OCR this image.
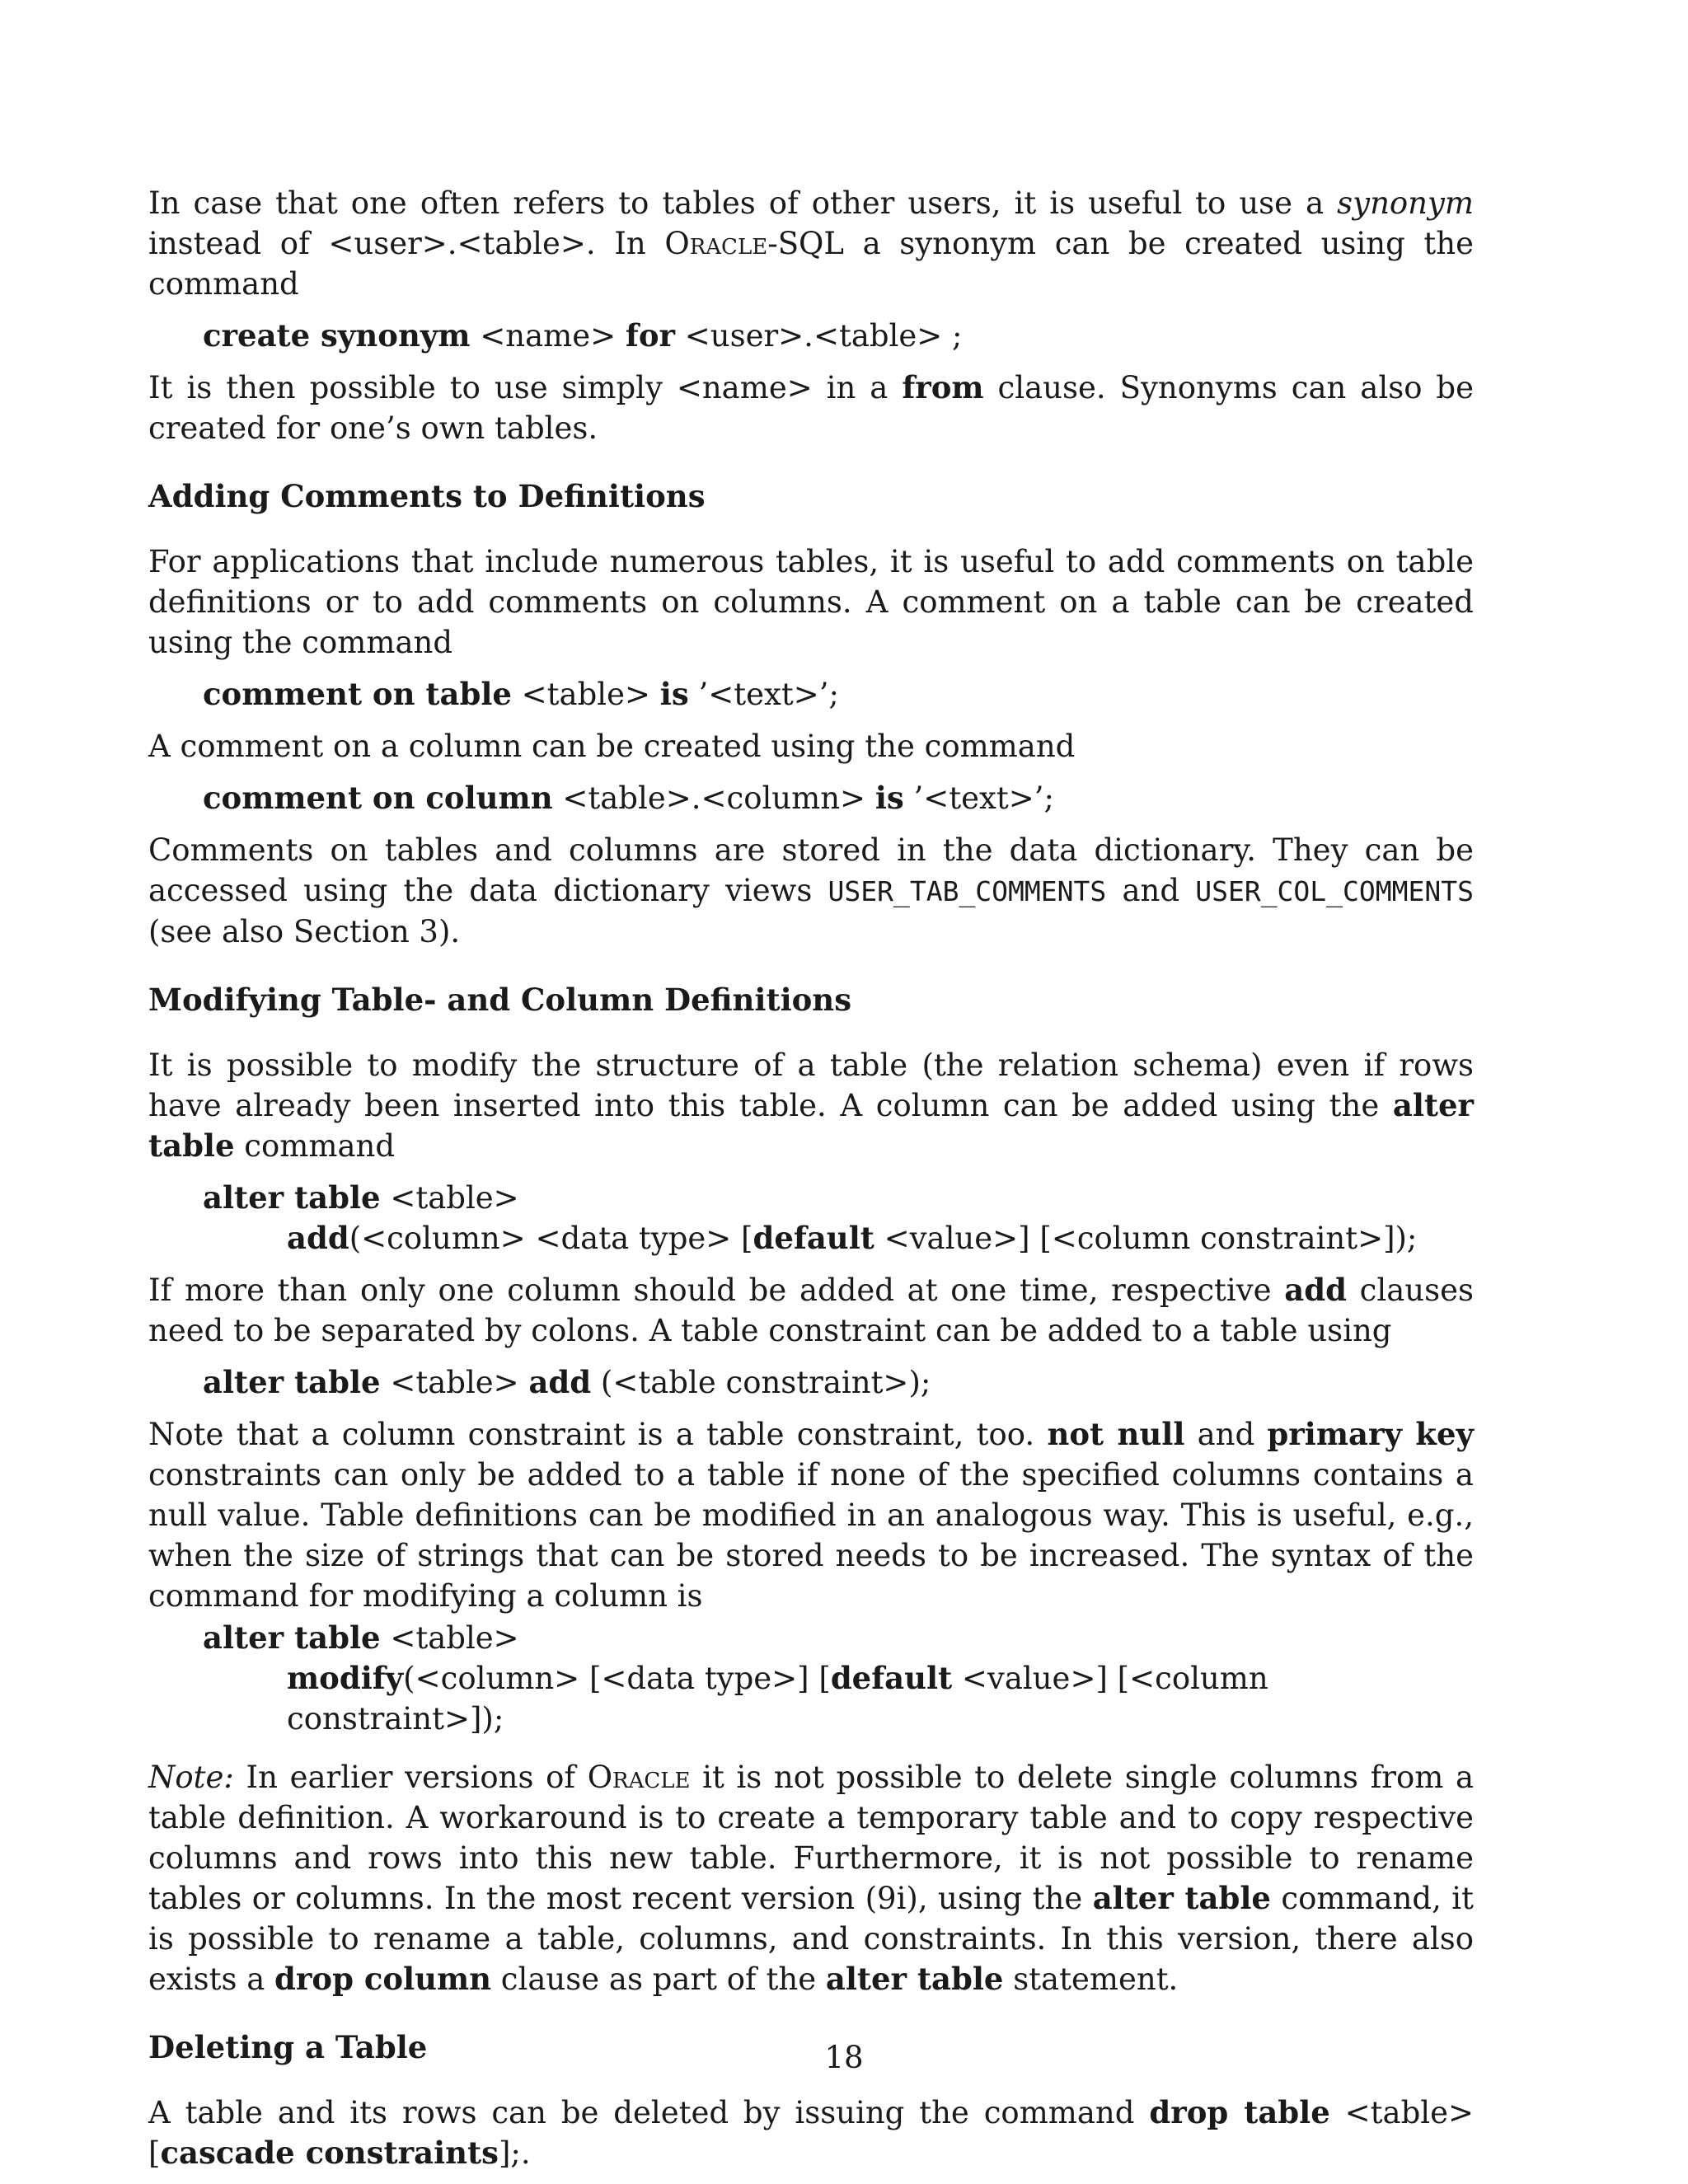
In case that one often refers to tables of other users, it is useful to use a synonym instead of <user>.<table>. In Oracle-SQL a synonym can be created using the command

create synonym <name> for <user>.<table> ;

It is then possible to use simply <name> in a from clause. Synonyms can also be created for one’s own tables.

Adding Comments to Definitions

For applications that include numerous tables, it is useful to add comments on table definitions or to add comments on columns. A comment on a table can be created using the command

comment on table <table> is ’<text>’;

A comment on a column can be created using the command

comment on column <table>.<column> is ’<text>’;

Comments on tables and columns are stored in the data dictionary. They can be accessed using the data dictionary views USER_TAB_COMMENTS and USER_COL_COMMENTS (see also Section 3).

Modifying Table- and Column Definitions

It is possible to modify the structure of a table (the relation schema) even if rows have already been inserted into this table. A column can be added using the alter table command

alter table <table>
add(<column> <data type> [default <value>] [<column constraint>]);

If more than only one column should be added at one time, respective add clauses need to be separated by colons. A table constraint can be added to a table using

alter table <table> add (<table constraint>);

Note that a column constraint is a table constraint, too. not null and primary key constraints can only be added to a table if none of the specified columns contains a null value. Table definitions can be modified in an analogous way. This is useful, e.g., when the size of strings that can be stored needs to be increased. The syntax of the command for modifying a column is

alter table <table>
modify(<column> [<data type>] [default <value>] [<column constraint>]);

Note: In earlier versions of Oracle it is not possible to delete single columns from a table definition. A workaround is to create a temporary table and to copy respective columns and rows into this new table. Furthermore, it is not possible to rename tables or columns. In the most recent version (9i), using the alter table command, it is possible to rename a table, columns, and constraints. In this version, there also exists a drop column clause as part of the alter table statement.

Deleting a Table

A table and its rows can be deleted by issuing the command drop table <table> [cascade constraints];.

18
